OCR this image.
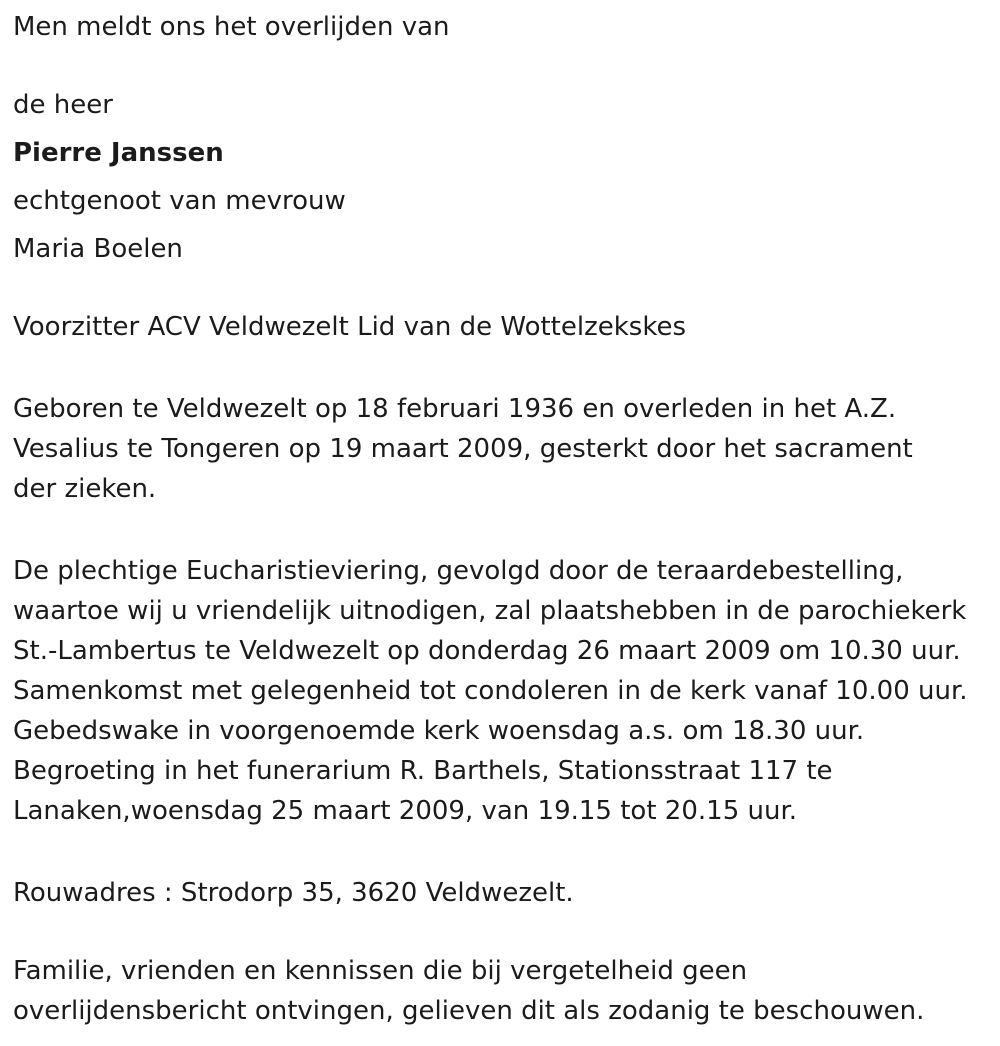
Men meldt ons het overlijden van

de heer
Pierre Janssen
echtgenoot van mevrouw
Maria Boelen

Voorzitter ACV Veldwezelt Lid van de Wottelzekskes

Geboren te Veldwezelt op 18 februari 1936 en overleden in het A.Z.
Vesalius te Tongeren op 19 maart 2009, gesterkt door het sacrament
der zieken.
De plechtige Eucharistieviering, gevolgd door de teraardebestelling,
waartoe wij u vriendelijk uitnodigen, zal plaatshebben in de parochiekerk
St.-Lambertus te Veldwezelt op donderdag 26 maart 2009 om 10.30 uur.
Samenkomst met gelegenheid tot condoleren in de kerk vanaf 10.00 uur.
Gebedswake in voorgenoemde kerk woensdag a.s. om 18.30 uur.
Begroeting in het funerarium R. Barthels, Stationsstraat 117 te
Lanaken,woensdag 25 maart 2009, van 19.15 tot 20.15 uur.

Rouwadres : Strodorp 35, 3620 Veldwezelt.

Familie, vrienden en kennissen die bij vergetelheid geen
overlijdensbericht ontvingen, gelieven dit als zodanig te beschouwen.
